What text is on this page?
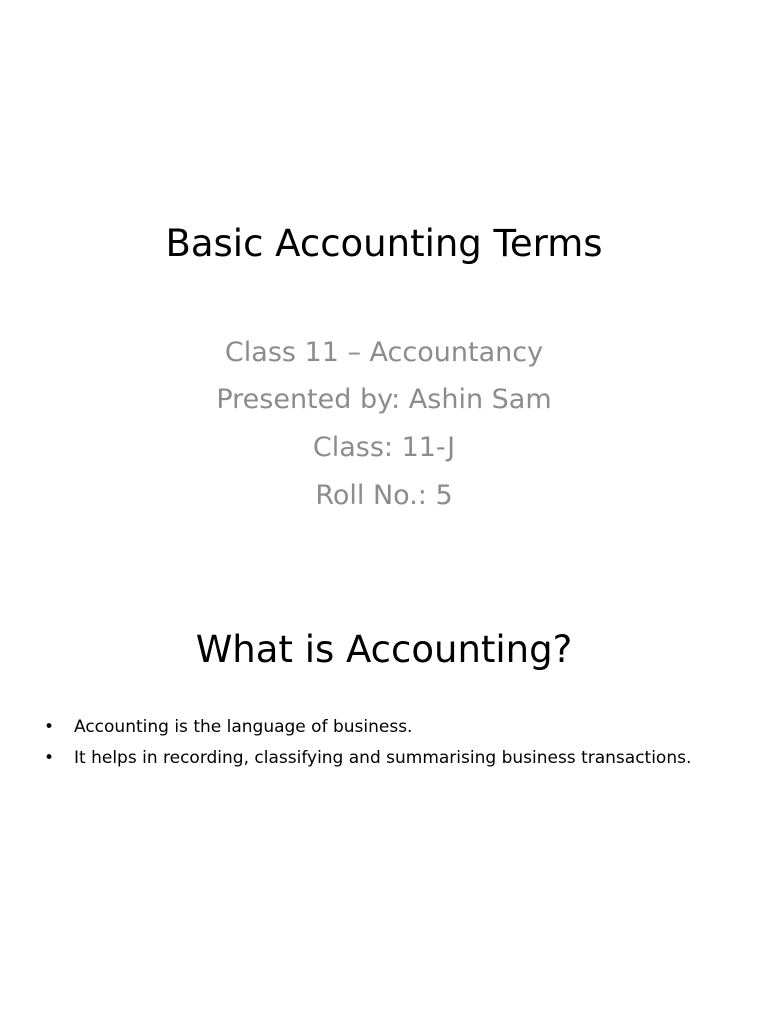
Basic Accounting Terms
Class 11 – Accountancy
Presented by: Ashin Sam
Class: 11-J
Roll No.: 5
What is Accounting?
• Accounting is the language of business.
• It helps in recording, classifying and summarising business transactions.
